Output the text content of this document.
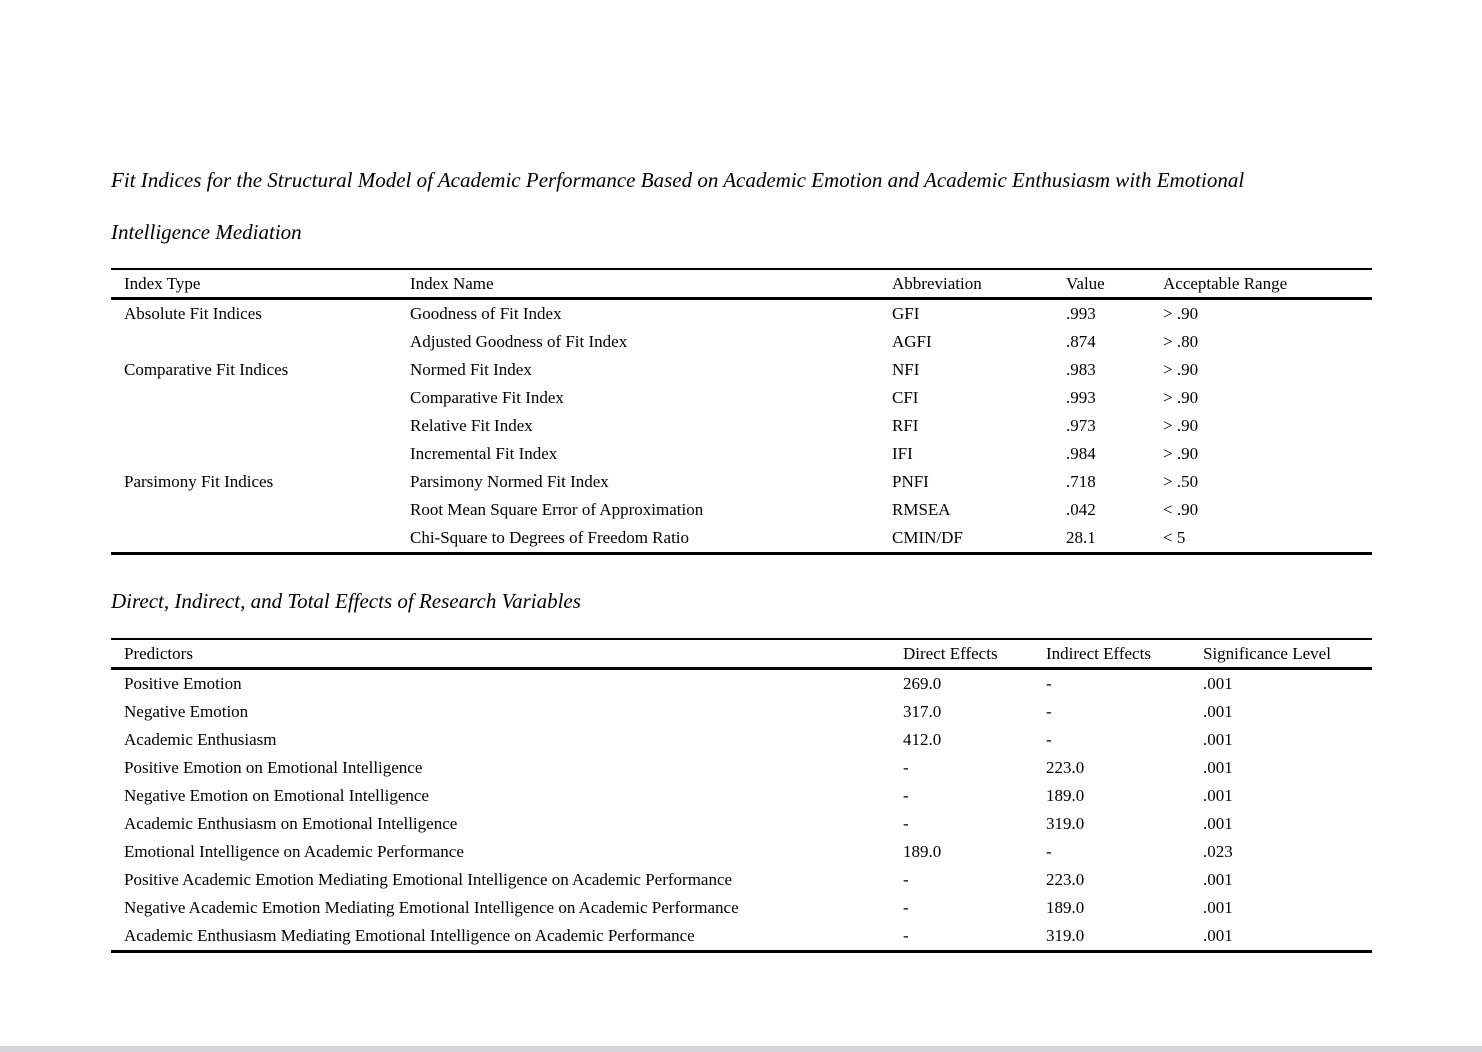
Fit Indices for the Structural Model of Academic Performance Based on Academic Emotion and Academic Enthusiasm with Emotional
Intelligence Mediation
Index Type	Index Name	Abbreviation	Value	Acceptable Range
Absolute Fit Indices	Goodness of Fit Index	GFI	.993	> .90
	Adjusted Goodness of Fit Index	AGFI	.874	> .80
Comparative Fit Indices	Normed Fit Index	NFI	.983	> .90
	Comparative Fit Index	CFI	.993	> .90
	Relative Fit Index	RFI	.973	> .90
	Incremental Fit Index	IFI	.984	> .90
Parsimony Fit Indices	Parsimony Normed Fit Index	PNFI	.718	> .50
	Root Mean Square Error of Approximation	RMSEA	.042	< .90
	Chi-Square to Degrees of Freedom Ratio	CMIN/DF	28.1	< 5
Direct, Indirect, and Total Effects of Research Variables
Predictors	Direct Effects	Indirect Effects	Significance Level
Positive Emotion	269.0	-	.001
Negative Emotion	317.0	-	.001
Academic Enthusiasm	412.0	-	.001
Positive Emotion on Emotional Intelligence	-	223.0	.001
Negative Emotion on Emotional Intelligence	-	189.0	.001
Academic Enthusiasm on Emotional Intelligence	-	319.0	.001
Emotional Intelligence on Academic Performance	189.0	-	.023
Positive Academic Emotion Mediating Emotional Intelligence on Academic Performance	-	223.0	.001
Negative Academic Emotion Mediating Emotional Intelligence on Academic Performance	-	189.0	.001
Academic Enthusiasm Mediating Emotional Intelligence on Academic Performance	-	319.0	.001
